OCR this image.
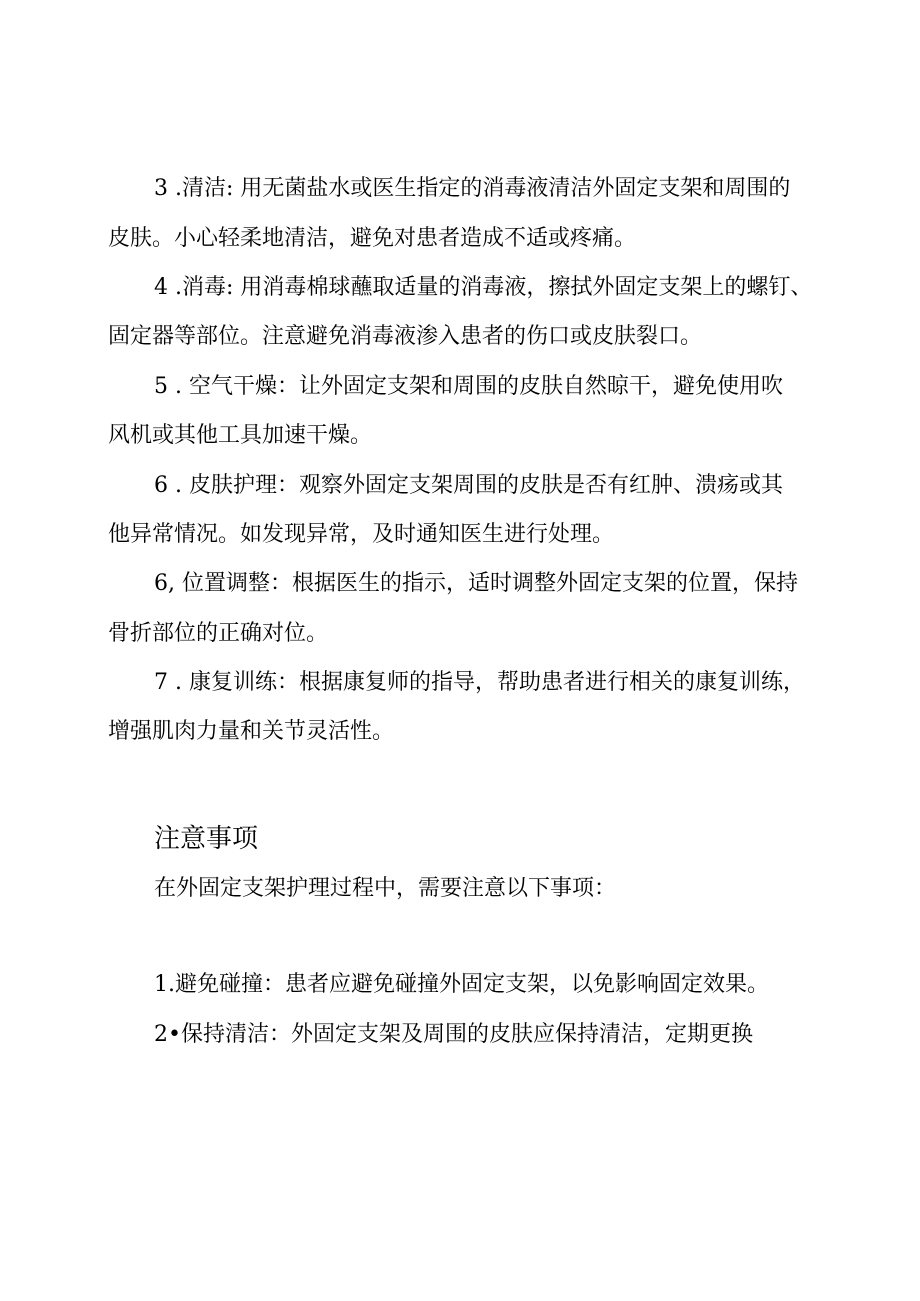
3 .清洁: 用无菌盐水或医生指定的消毒液清洁外固定支架和周围的
皮肤。小心轻柔地清洁，避免对患者造成不适或疼痛。
4 .消毒: 用消毒棉球蘸取适量的消毒液，擦拭外固定支架上的螺钉、
固定器等部位。注意避免消毒液渗入患者的伤口或皮肤裂口。
5 . 空气干燥：让外固定支架和周围的皮肤自然晾干，避免使用吹
风机或其他工具加速干燥。
6 . 皮肤护理：观察外固定支架周围的皮肤是否有红肿、溃疡或其
他异常情况。如发现异常，及时通知医生进行处理。
6, 位置调整：根据医生的指示，适时调整外固定支架的位置，保持
骨折部位的正确对位。
7 . 康复训练：根据康复师的指导，帮助患者进行相关的康复训练，
增强肌肉力量和关节灵活性。
注意事项
在外固定支架护理过程中，需要注意以下事项：
1.避免碰撞：患者应避免碰撞外固定支架，以免影响固定效果。
2•保持清洁：外固定支架及周围的皮肤应保持清洁，定期更换
